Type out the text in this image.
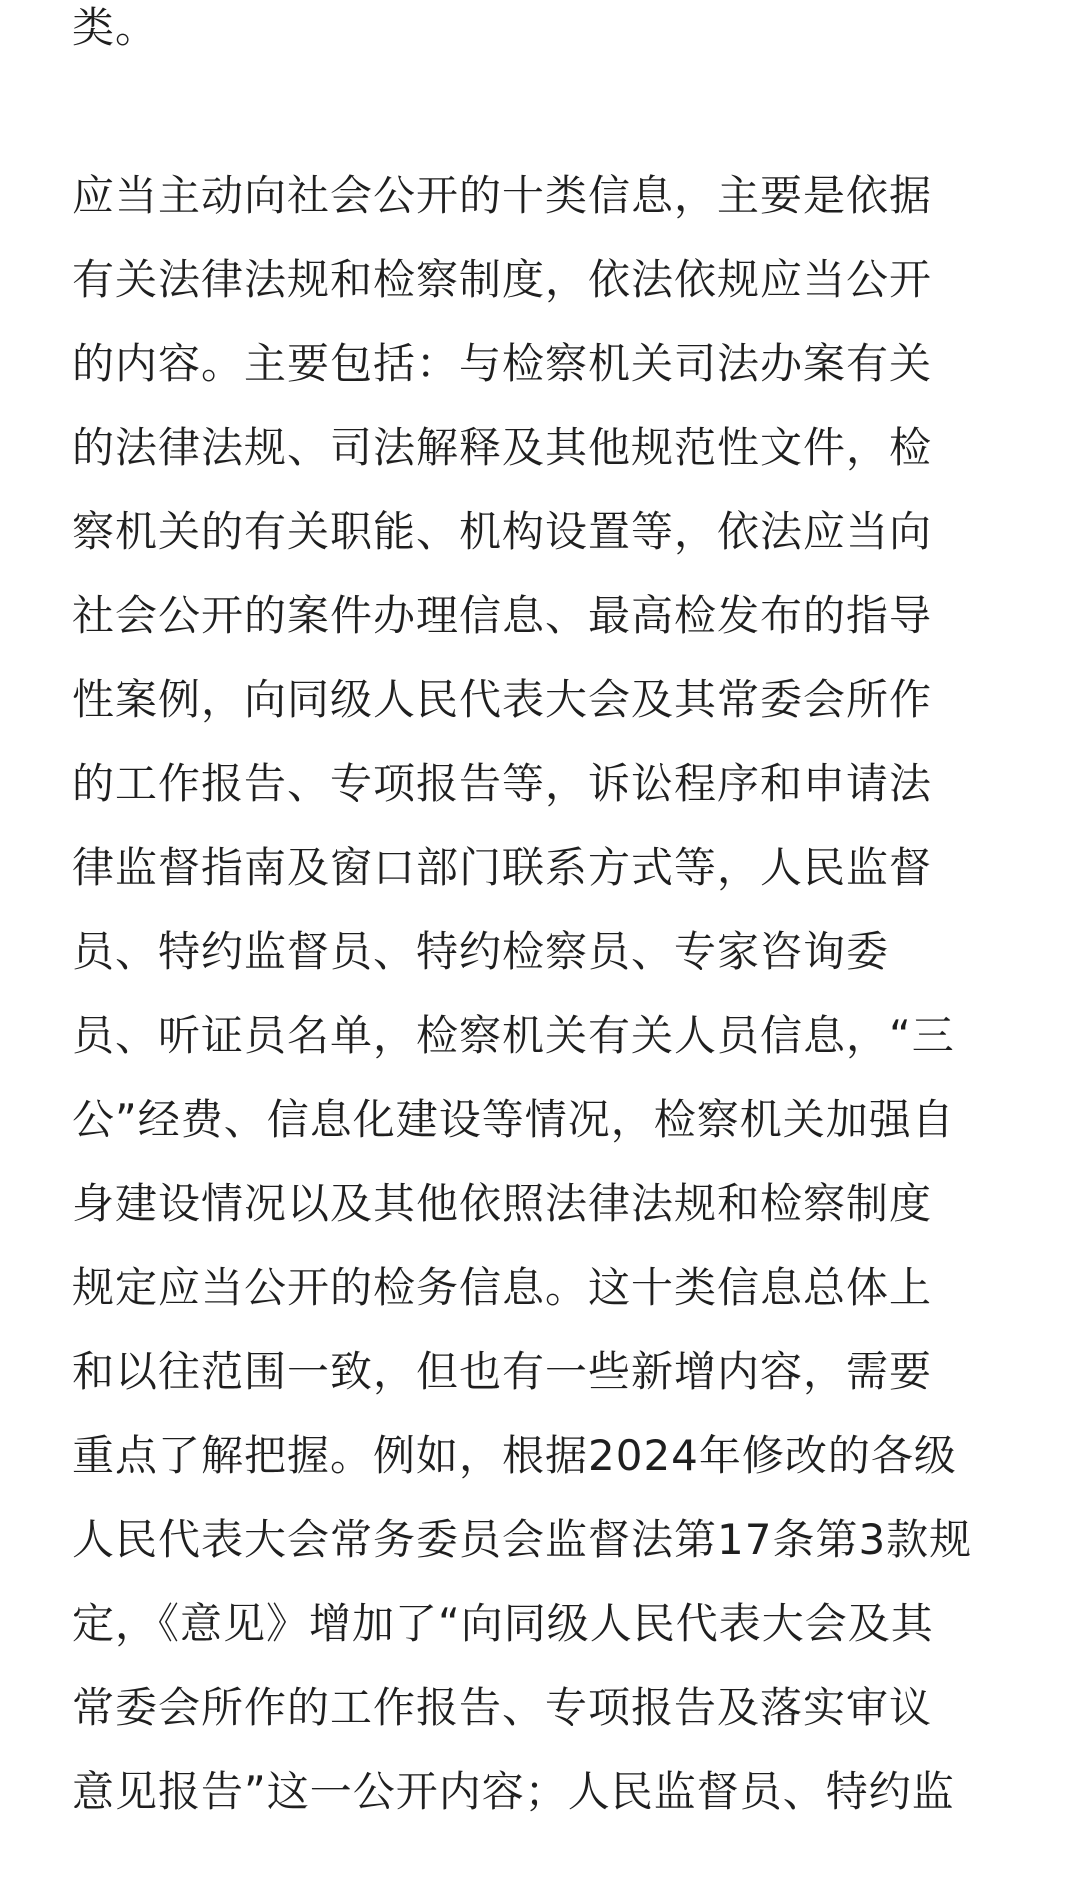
类。
应当主动向社会公开的十类信息，主要是依据
有关法律法规和检察制度，依法依规应当公开
的内容。主要包括：与检察机关司法办案有关
的法律法规、司法解释及其他规范性文件，检
察机关的有关职能、机构设置等，依法应当向
社会公开的案件办理信息、最高检发布的指导
性案例，向同级人民代表大会及其常委会所作
的工作报告、专项报告等，诉讼程序和申请法
律监督指南及窗口部门联系方式等，人民监督
员、特约监督员、特约检察员、专家咨询委
员、听证员名单，检察机关有关人员信息，“三
公”经费、信息化建设等情况，检察机关加强自
身建设情况以及其他依照法律法规和检察制度
规定应当公开的检务信息。这十类信息总体上
和以往范围一致，但也有一些新增内容，需要
重点了解把握。例如，根据2024年修改的各级
人民代表大会常务委员会监督法第17条第3款规
定，《意见》增加了“向同级人民代表大会及其
常委会所作的工作报告、专项报告及落实审议
意见报告”这一公开内容；人民监督员、特约监
